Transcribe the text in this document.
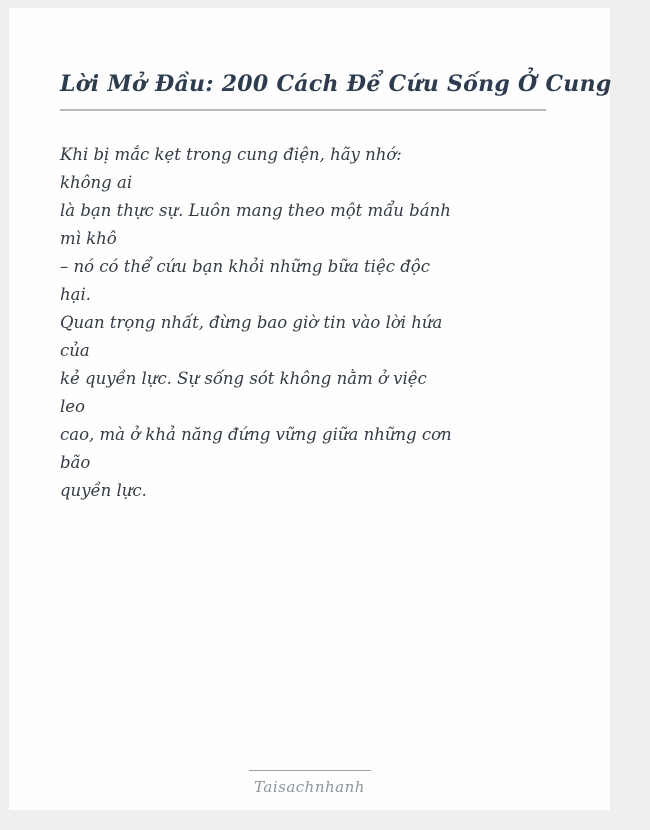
Lời Mở Đầu: 200 Cách Để Cứu Sống Ở Cung

Khi bị mắc kẹt trong cung điện, hãy nhớ:

không ai

là bạn thực sự. Luôn mang theo một mẩu bánh

mì khô

– nó có thể cứu bạn khỏi những bữa tiệc độc

hại.

Quan trọng nhất, đừng bao giờ tin vào lời hứa

của

kẻ quyền lực. Sự sống sót không nằm ở việc

leo

cao, mà ở khả năng đứng vững giữa những cơn

bão

quyền lực.

Taisachnhanh
